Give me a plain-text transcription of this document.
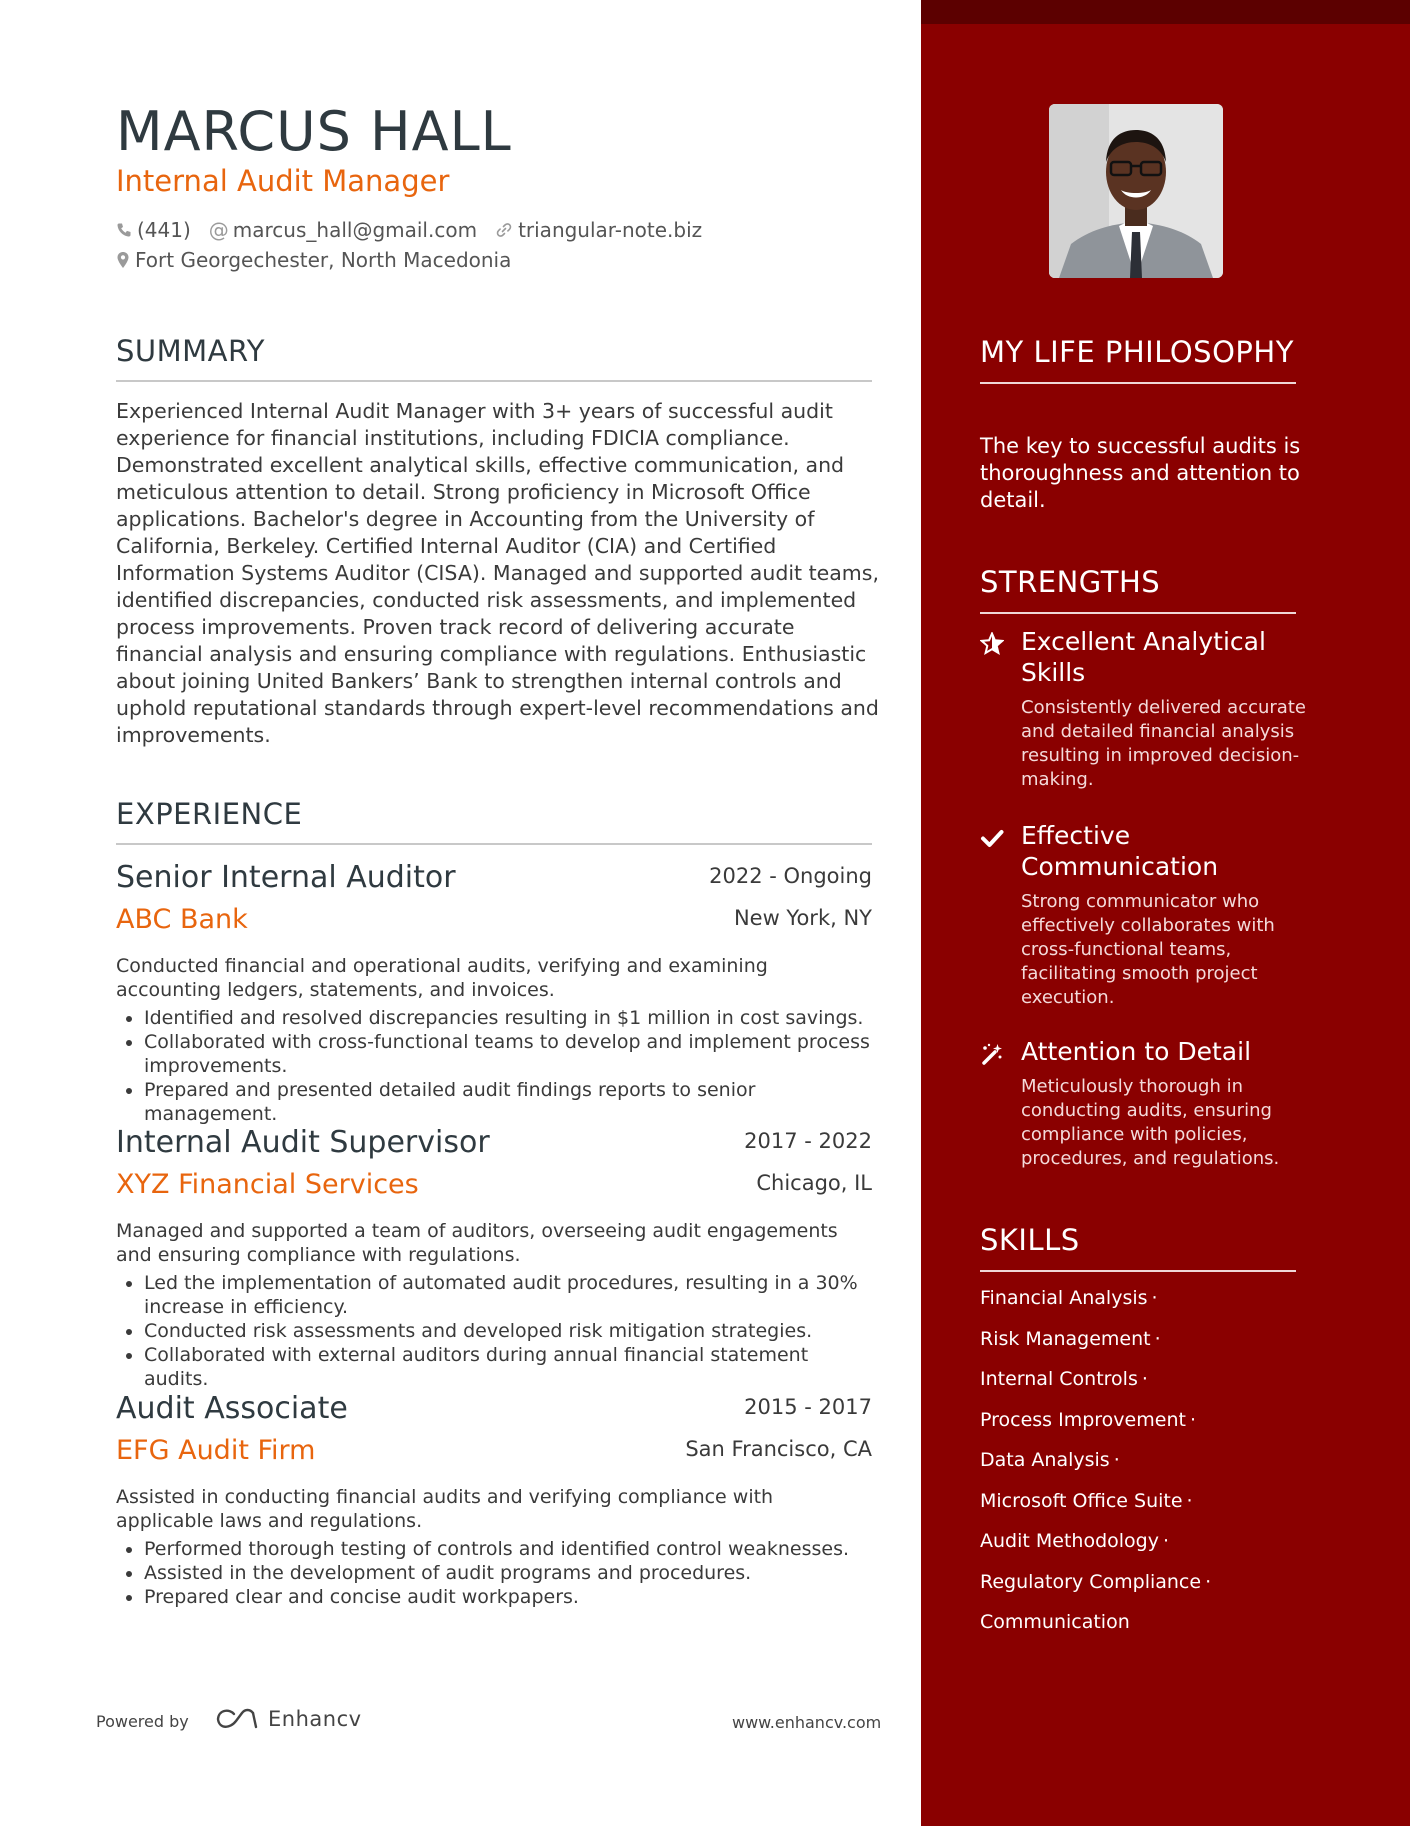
MARCUS HALL
Internal Audit Manager
(441) @ marcus_hall@gmail.com triangular-note.biz
Fort Georgechester, North Macedonia
SUMMARY
Experienced Internal Audit Manager with 3+ years of successful audit experience for financial institutions, including FDICIA compliance. Demonstrated excellent analytical skills, effective communication, and meticulous attention to detail. Strong proficiency in Microsoft Office applications. Bachelor's degree in Accounting from the University of California, Berkeley. Certified Internal Auditor (CIA) and Certified Information Systems Auditor (CISA). Managed and supported audit teams, identified discrepancies, conducted risk assessments, and implemented process improvements. Proven track record of delivering accurate financial analysis and ensuring compliance with regulations. Enthusiastic about joining United Bankers’ Bank to strengthen internal controls and uphold reputational standards through expert-level recommendations and improvements.
EXPERIENCE
Senior Internal Auditor	2022 - Ongoing
ABC Bank	New York, NY
Conducted financial and operational audits, verifying and examining accounting ledgers, statements, and invoices.
• Identified and resolved discrepancies resulting in $1 million in cost savings.
• Collaborated with cross-functional teams to develop and implement process improvements.
• Prepared and presented detailed audit findings reports to senior management.
Internal Audit Supervisor	2017 - 2022
XYZ Financial Services	Chicago, IL
Managed and supported a team of auditors, overseeing audit engagements and ensuring compliance with regulations.
• Led the implementation of automated audit procedures, resulting in a 30% increase in efficiency.
• Conducted risk assessments and developed risk mitigation strategies.
• Collaborated with external auditors during annual financial statement audits.
Audit Associate	2015 - 2017
EFG Audit Firm	San Francisco, CA
Assisted in conducting financial audits and verifying compliance with applicable laws and regulations.
• Performed thorough testing of controls and identified control weaknesses.
• Assisted in the development of audit programs and procedures.
• Prepared clear and concise audit workpapers.
Powered by	Enhancv	www.enhancv.com
MY LIFE PHILOSOPHY
The key to successful audits is thoroughness and attention to detail.
STRENGTHS
Excellent Analytical Skills
Consistently delivered accurate and detailed financial analysis resulting in improved decision-making.
Effective Communication
Strong communicator who effectively collaborates with cross-functional teams, facilitating smooth project execution.
Attention to Detail
Meticulously thorough in conducting audits, ensuring compliance with policies, procedures, and regulations.
SKILLS
Financial Analysis ·
Risk Management ·
Internal Controls ·
Process Improvement ·
Data Analysis ·
Microsoft Office Suite ·
Audit Methodology ·
Regulatory Compliance ·
Communication
